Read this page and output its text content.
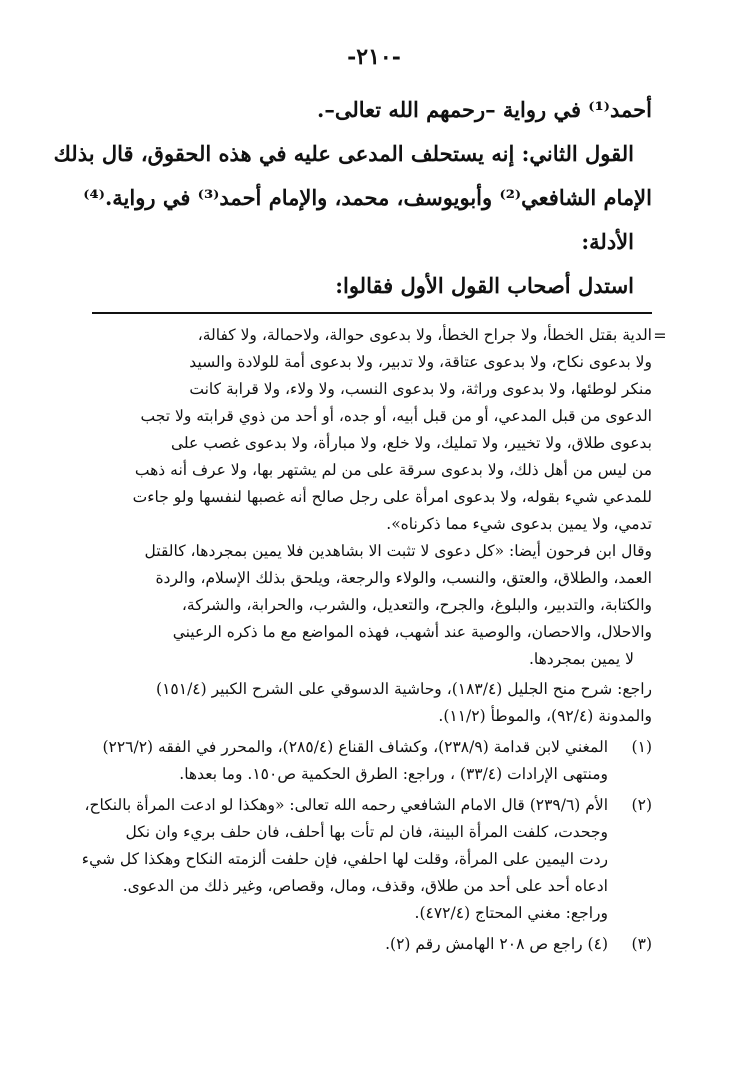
-٢١٠-
أحمد⁽¹⁾ في رواية –رحمهم الله تعالى–.
القول الثاني: إنه يستحلف المدعى عليه في هذه الحقوق، قال بذلك
الإمام الشافعي⁽²⁾ وأبويوسف، محمد، والإمام أحمد⁽³⁾ في رواية.⁽⁴⁾
الأدلة:
استدل أصحاب القول الأول فقالوا:
=
الدية بقتل الخطأ، ولا جراح الخطأ، ولا بدعوى حوالة، ولاحمالة، ولا كفالة،
ولا بدعوى نكاح، ولا بدعوى عتاقة، ولا تدبير، ولا بدعوى أمة للولادة والسيد
منكر لوطئها، ولا بدعوى وراثة، ولا بدعوى النسب، ولا ولاء، ولا قرابة كانت
الدعوى من قبل المدعي، أو من قبل أبيه، أو جده، أو أحد من ذوي قرابته ولا تجب
بدعوى طلاق، ولا تخيير، ولا تمليك، ولا خلع، ولا مبارأة، ولا بدعوى غصب على
من ليس من أهل ذلك، ولا بدعوى سرقة على من لم يشتهر بها، ولا عرف أنه ذهب
للمدعي شيء بقوله، ولا بدعوى امرأة على رجل صالح أنه غصبها لنفسها ولو جاءت
تدمي، ولا يمين بدعوى شيء مما ذكرناه».
وقال ابن فرحون أيضا: «كل دعوى لا تثبت الا بشاهدين فلا يمين بمجردها، كالقتل
العمد، والطلاق، والعتق، والنسب، والولاء والرجعة، ويلحق بذلك الإسلام، والردة
والكتابة، والتدبير، والبلوغ، والجرح، والتعديل، والشرب، والحرابة، والشركة،
والاحلال، والاحصان، والوصية عند أشهب، فهذه المواضع مع ما ذكره الرعيني
لا يمين بمجردها.
راجع: شرح منح الجليل (١٨٣/٤)، وحاشية الدسوقي على الشرح الكبير (١٥١/٤)
والمدونة (٩٢/٤)، والموطأ (١١/٢).
(١)
المغني لابن قدامة (٢٣٨/٩)، وكشاف القناع (٢٨٥/٤)، والمحرر في الفقه (٢٢٦/٢)
ومنتهى الإرادات (٣٣/٤) ، وراجع: الطرق الحكمية ص١٥٠. وما بعدها.
(٢)
الأم (٢٣٩/٦) قال الامام الشافعي رحمه الله تعالى: «وهكذا لو ادعت المرأة بالنكاح،
وجحدت، كلفت المرأة البينة، فان لم تأت بها أحلف، فان حلف بريء وان نكل
ردت اليمين على المرأة، وقلت لها احلفي، فإن حلفت ألزمته النكاح وهكذا كل شيء
ادعاه أحد على أحد من طلاق، وقذف، ومال، وقصاص، وغير ذلك من الدعوى.
وراجع: مغني المحتاج (٤٧٢/٤).
(٣)
(٤) راجع ص ٢٠٨ الهامش رقم (٢).
